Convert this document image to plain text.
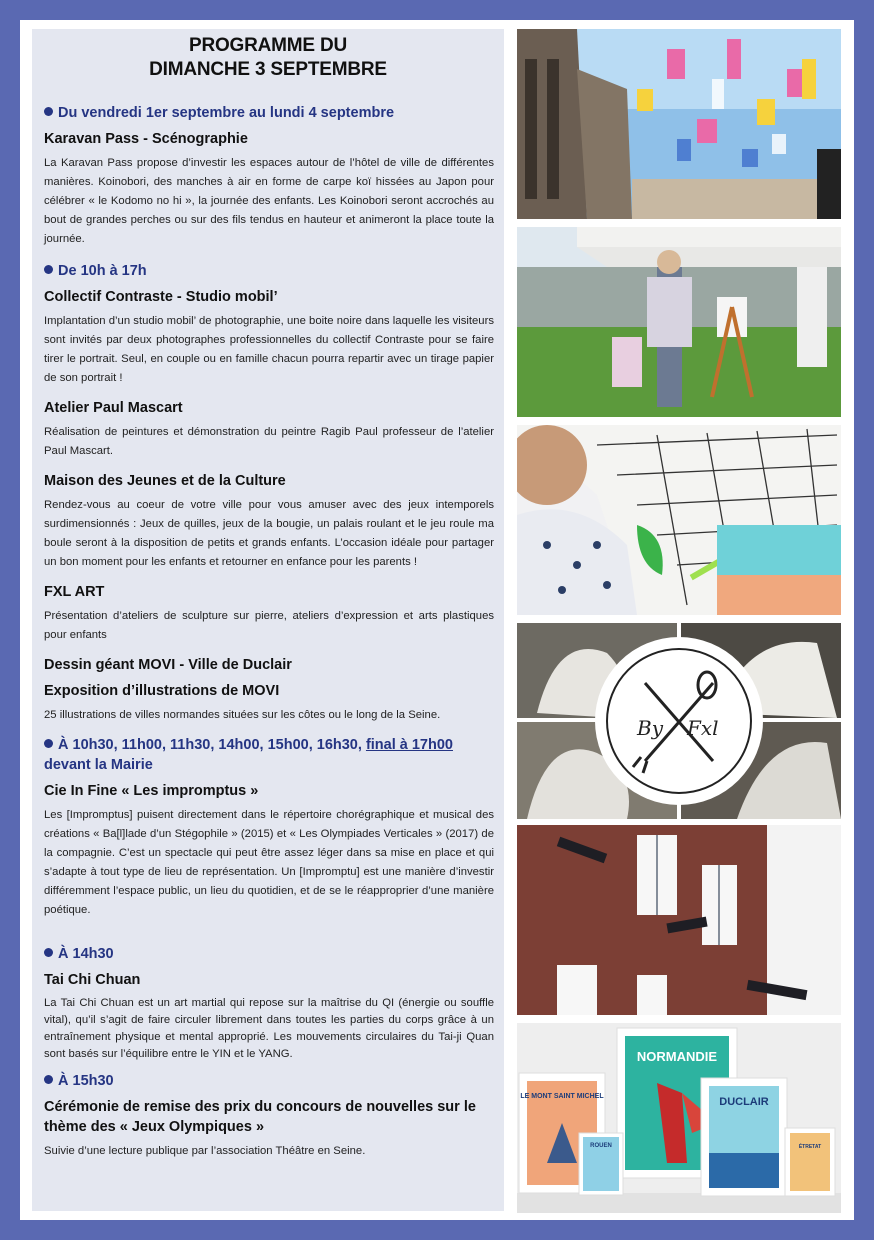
PROGRAMME DU
DIMANCHE 3 SEPTEMBRE
Du vendredi 1er septembre au lundi 4 septembre
Karavan Pass - Scénographie

La Karavan Pass propose d’investir les espaces autour de l’hôtel de ville de différentes manières. Koinobori, des manches à air en forme de carpe koï hissées au Japon pour célébrer « le Kodomo no hi », la journée des enfants. Les Koinobori seront accrochés au bout de grandes perches ou sur des fils tendus en hauteur et animeront la place toute la journée.

De 10h à 17h
Collectif Contraste - Studio mobil’

Implantation d’un studio mobil’ de photographie, une boite noire dans laquelle les visiteurs sont invités par deux photographes professionnelles du collectif Contraste pour se faire tirer le portrait. Seul, en couple ou en famille chacun pourra repartir avec un tirage papier de son portrait !

Atelier Paul Mascart

Réalisation de peintures et démonstration du peintre Ragib Paul professeur de l’atelier Paul Mascart.

Maison des Jeunes et de la Culture

Rendez-vous au coeur de votre ville pour vous amuser avec des jeux intemporels surdimensionnés : Jeux de quilles, jeux de la bougie, un palais roulant et le jeu roule ma boule seront à la disposition de petits et grands enfants. L’occasion idéale pour partager un bon moment pour les enfants et retourner en enfance pour les parents !

FXL ART

Présentation d’ateliers de sculpture sur pierre, ateliers d’expression et arts plastiques pour enfants

Dessin géant MOVI - Ville de Duclair
Exposition d’illustrations de MOVI

25 illustrations de villes normandes situées sur les côtes ou le long de la Seine.

À 10h30, 11h00, 11h30, 14h00, 15h00, 16h30, final à 17h00
devant la Mairie
Cie In Fine « Les impromptus »

Les [Impromptus] puisent directement dans le répertoire chorégraphique et musical des créations « Ba[l]lade d’un Stégophile » (2015) et « Les Olympiades Verticales » (2017) de la compagnie. C’est un spectacle qui peut être assez léger dans sa mise en place et qui s’adapte à tout type de lieu de représentation. Un [Impromptu] est une manière d’investir différemment l’espace public, un lieu du quotidien, et de se le réapproprier d’une manière poétique.

À 14h30
Tai Chi Chuan

La Tai Chi Chuan est un art martial qui repose sur la maîtrise du QI (énergie ou souffle vital), qu’il s’agit de faire circuler librement dans toutes les parties du corps grâce à un entraînement physique et mental approprié. Les mouvements circulaires du Tai-ji Quan sont basés sur l’équilibre entre le YIN et le YANG.

À 15h30
Cérémonie de remise des prix du concours de nouvelles sur le thème des « Jeux Olympiques »

Suivie d’une lecture publique par l’association Théâtre en Seine.

By Fxl
NORMANDIE
LE MONT SAINT MICHEL
ROUEN
DUCLAIR
ÉTRETAT
